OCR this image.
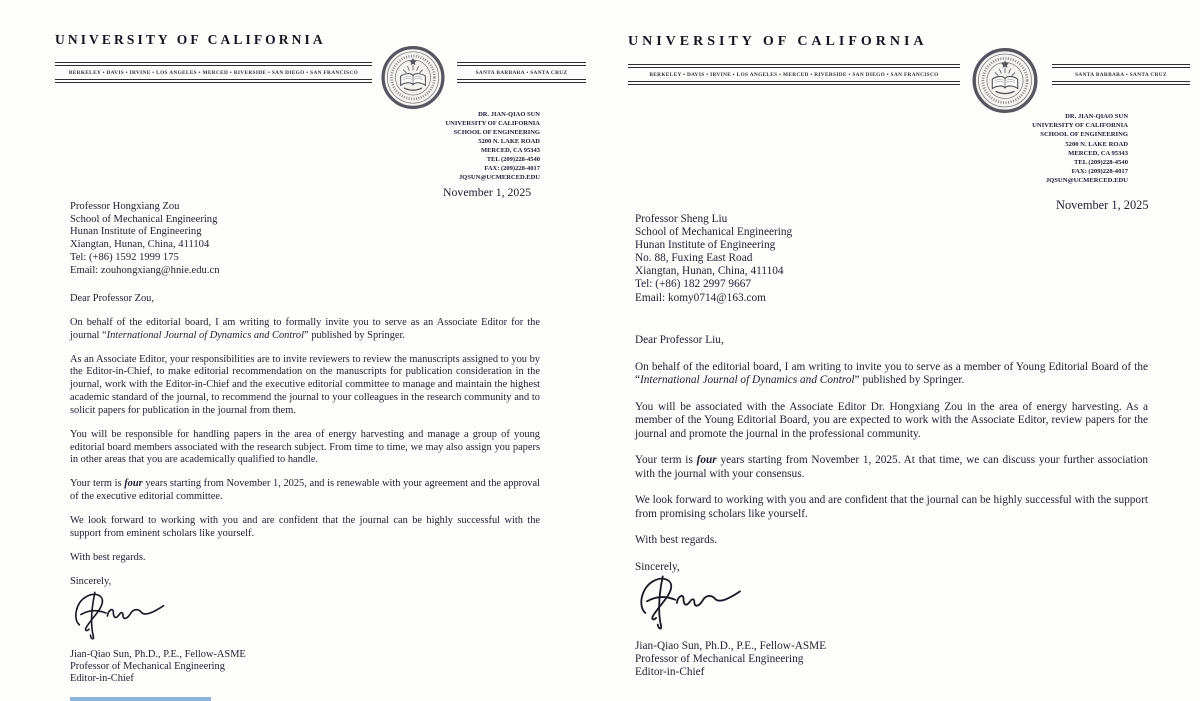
UNIVERSITY OF CALIFORNIA
BERKELEY • DAVIS • IRVINE • LOS ANGELES • MERCED • RIVERSIDE • SAN DIEGO • SAN FRANCISCO	SANTA BARBARA • SANTA CRUZ
DR. JIAN-QIAO SUN
UNIVERSITY OF CALIFORNIA
SCHOOL OF ENGINEERING
5200 N. LAKE ROAD
MERCED, CA 95343
TEL (209)228-4540
FAX: (209)228-4017
JQSUN@UCMERCED.EDU
November 1, 2025
Professor Hongxiang Zou
School of Mechanical Engineering
Hunan Institute of Engineering
Xiangtan, Hunan, China, 411104
Tel: (+86) 1592 1999 175
Email: zouhongxiang@hnie.edu.cn

Dear Professor Zou,

On behalf of the editorial board, I am writing to formally invite you to serve as an Associate Editor for the journal “International Journal of Dynamics and Control” published by Springer.

As an Associate Editor, your responsibilities are to invite reviewers to review the manuscripts assigned to you by the Editor-in-Chief, to make editorial recommendation on the manuscripts for publication consideration in the journal, work with the Editor-in-Chief and the executive editorial committee to manage and maintain the highest academic standard of the journal, to recommend the journal to your colleagues in the research community and to solicit papers for publication in the journal from them.

You will be responsible for handling papers in the area of energy harvesting and manage a group of young editorial board members associated with the research subject. From time to time, we may also assign you papers in other areas that you are academically qualified to handle.

Your term is four years starting from November 1, 2025, and is renewable with your agreement and the approval of the executive editorial committee.

We look forward to working with you and are confident that the journal can be highly successful with the support from eminent scholars like yourself.

With best regards.

Sincerely,

Jian-Qiao Sun, Ph.D., P.E., Fellow-ASME
Professor of Mechanical Engineering
Editor-in-Chief
UNIVERSITY OF CALIFORNIA
BERKELEY • DAVIS • IRVINE • LOS ANGELES • MERCED • RIVERSIDE • SAN DIEGO • SAN FRANCISCO	SANTA BARBARA • SANTA CRUZ
DR. JIAN-QIAO SUN
UNIVERSITY OF CALIFORNIA
SCHOOL OF ENGINEERING
5200 N. LAKE ROAD
MERCED, CA 95343
TEL (209)228-4540
FAX: (209)228-4017
JQSUN@UCMERCED.EDU
November 1, 2025
Professor Sheng Liu
School of Mechanical Engineering
Hunan Institute of Engineering
No. 88, Fuxing East Road
Xiangtan, Hunan, China, 411104
Tel: (+86) 182 2997 9667
Email: komy0714@163.com

Dear Professor Liu,

On behalf of the editorial board, I am writing to invite you to serve as a member of Young Editorial Board of the “International Journal of Dynamics and Control” published by Springer.

You will be associated with the Associate Editor Dr. Hongxiang Zou in the area of energy harvesting. As a member of the Young Editorial Board, you are expected to work with the Associate Editor, review papers for the journal and promote the journal in the professional community.

Your term is four years starting from November 1, 2025. At that time, we can discuss your further association with the journal with your consensus.

We look forward to working with you and are confident that the journal can be highly successful with the support from promising scholars like yourself.

With best regards.

Sincerely,

Jian-Qiao Sun, Ph.D., P.E., Fellow-ASME
Professor of Mechanical Engineering
Editor-in-Chief
